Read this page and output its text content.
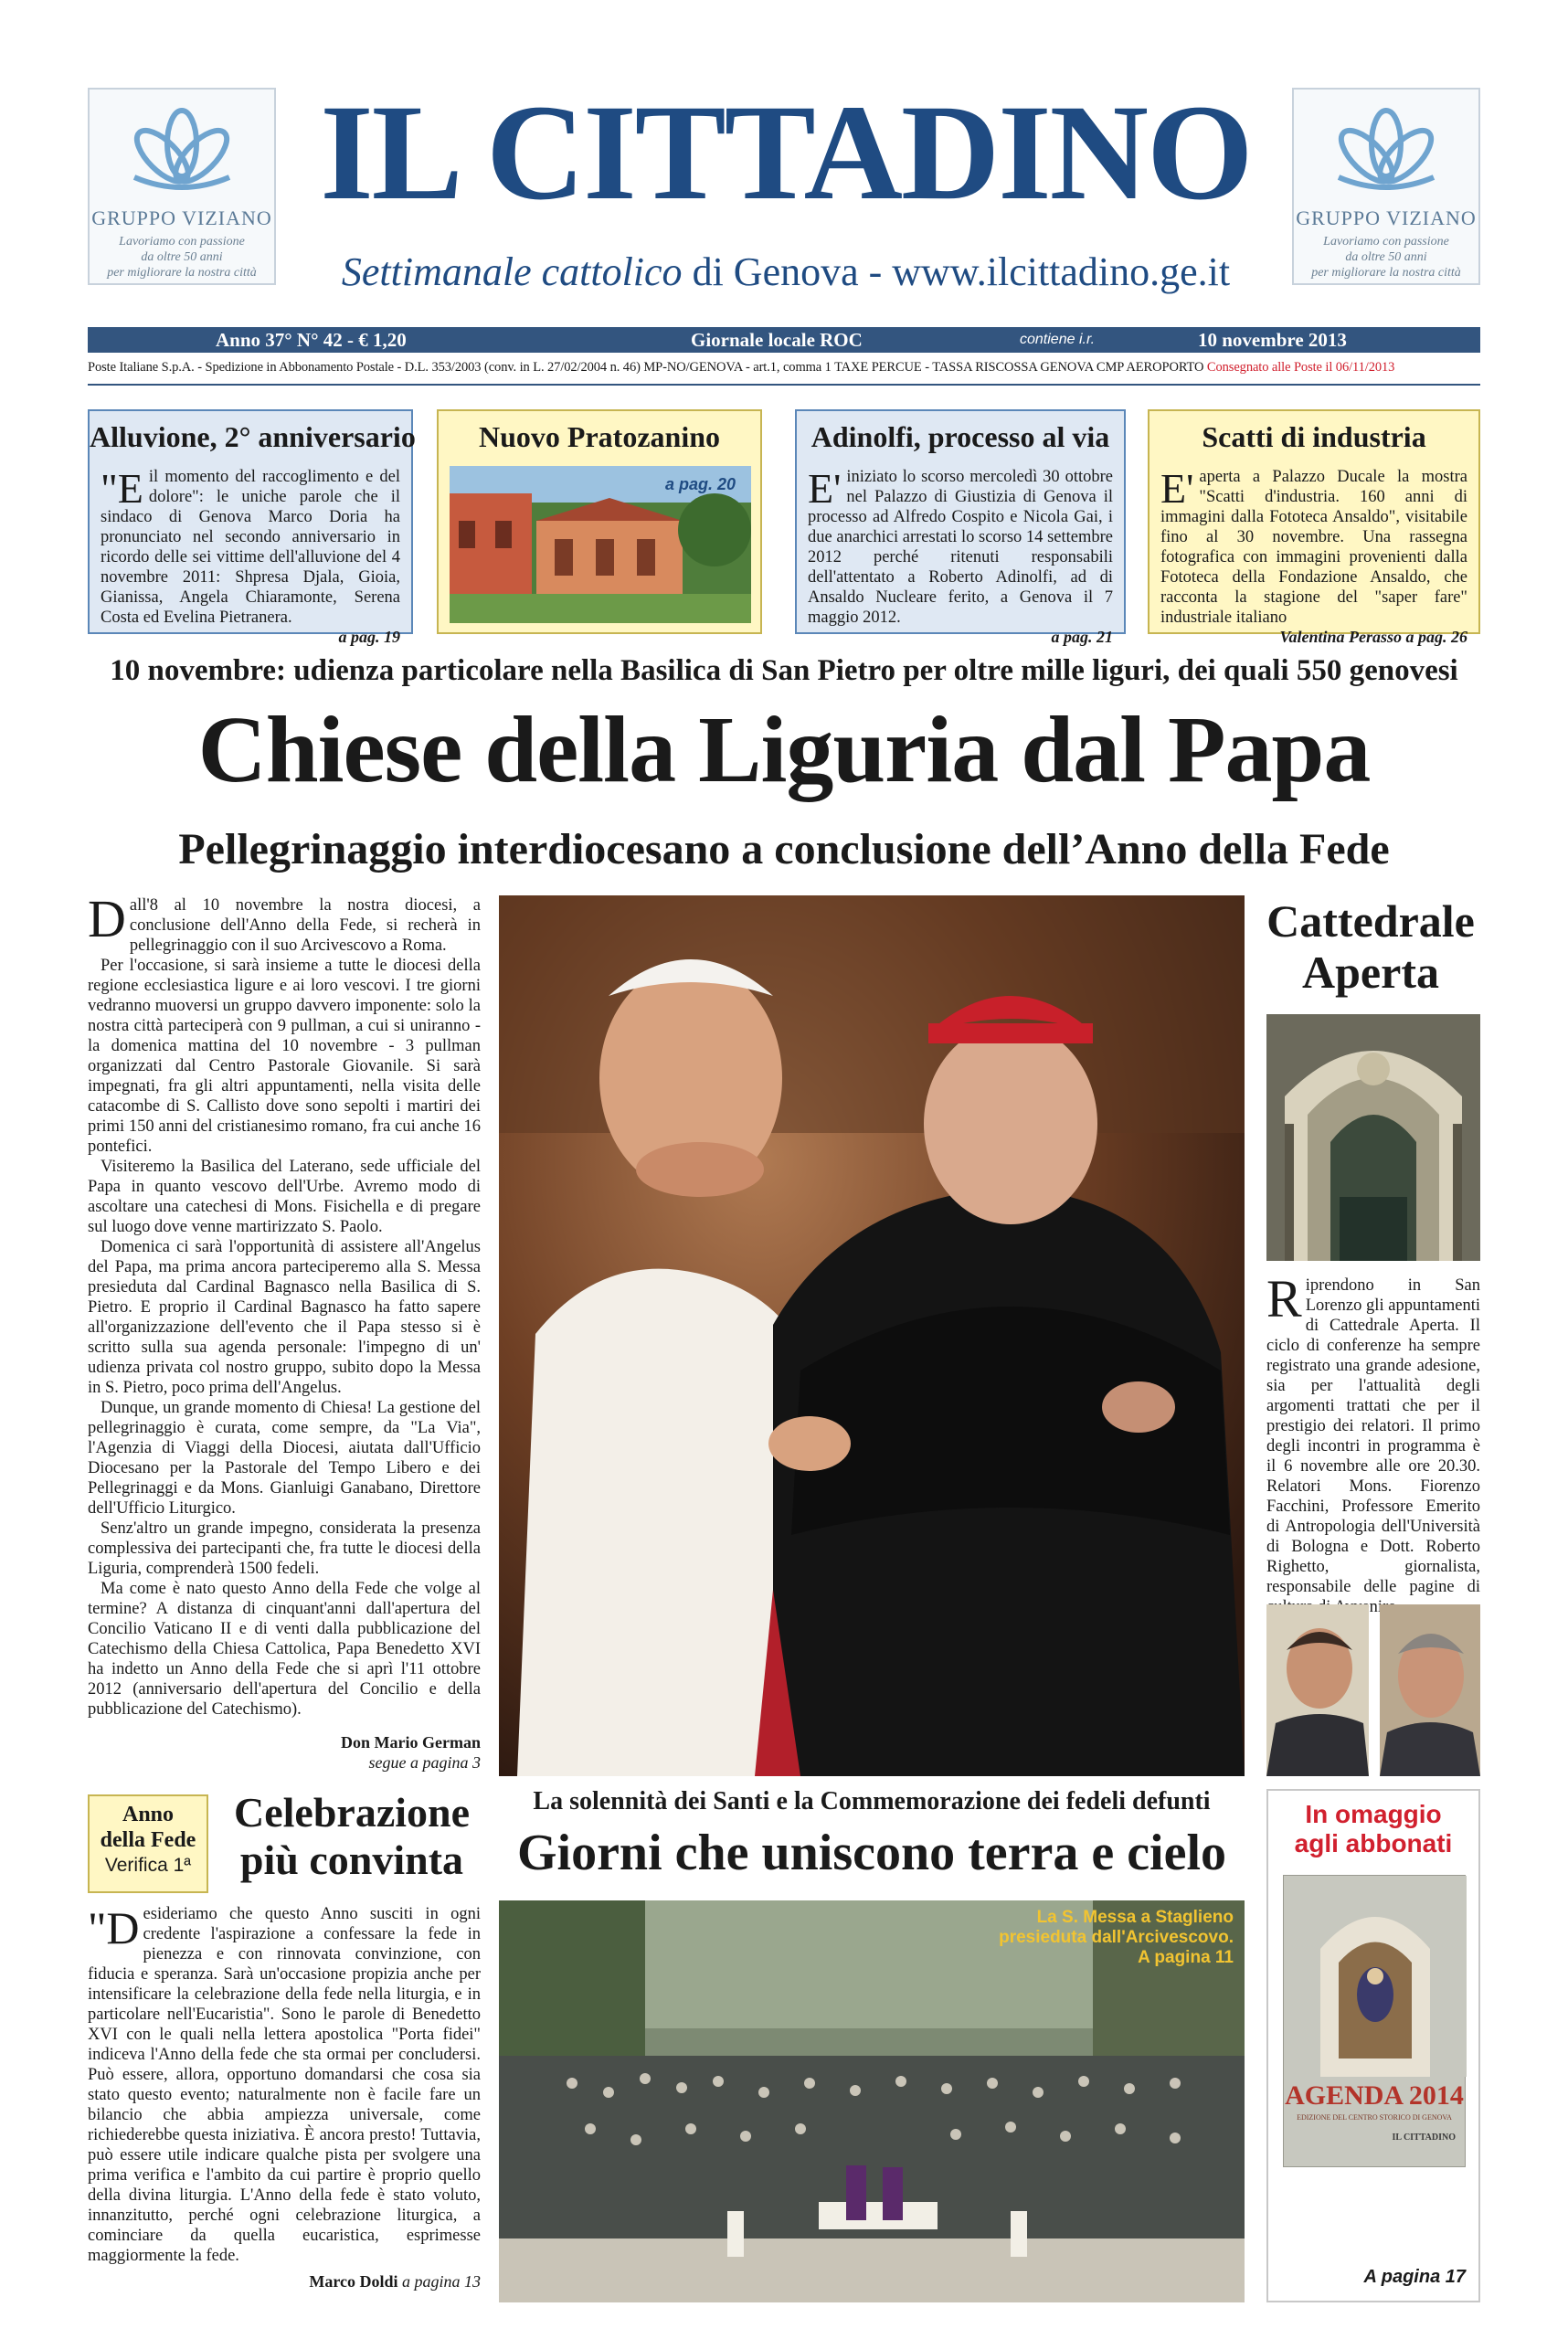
GRUPPO VIZIANO
Lavoriamo con passione
da oltre 50 anni
per migliorare la nostra città
GRUPPO VIZIANO
Lavoriamo con passione
da oltre 50 anni
per migliorare la nostra città
IL CITTADINO
Settimanale cattolico di Genova - www.ilcittadino.ge.it
Anno 37° N° 42 - € 1,20	Giornale locale ROC	contiene i.r.	10 novembre 2013
Poste Italiane S.p.A. - Spedizione in Abbonamento Postale - D.L. 353/2003 (conv. in L. 27/02/2004 n. 46) MP-NO/GENOVA - art.1, comma 1 TAXE PERCUE - TASSA RISCOSSA GENOVA CMP AEROPORTO Consegnato alle Poste il 06/11/2013
Alluvione, 2° anniversario
"E il momento del raccoglimento e del dolore": le uniche parole che il sindaco di Genova Marco Doria ha pronunciato nel secondo anniversario in ricordo delle sei vittime dell'alluvione del 4 novembre 2011: Shpresa Djala, Gioia, Gianissa, Angela Chiaramonte, Serena Costa ed Evelina Pietranera.
a pag. 19
Nuovo Pratozanino
a pag. 20
Adinolfi, processo al via
E' iniziato lo scorso mercoledì 30 ottobre nel Palazzo di Giustizia di Genova il processo ad Alfredo Cospito e Nicola Gai, i due anarchici arrestati lo scorso 14 settembre 2012 perché ritenuti responsabili dell'attentato a Roberto Adinolfi, ad di Ansaldo Nucleare ferito, a Genova il 7 maggio 2012.
a pag. 21
Scatti di industria
E' aperta a Palazzo Ducale la mostra "Scatti d'industria. 160 anni di immagini dalla Fototeca Ansaldo", visitabile fino al 30 novembre. Una rassegna fotografica con immagini provenienti dalla Fototeca della Fondazione Ansaldo, che racconta la stagione del "saper fare" industriale italiano
Valentina Perasso a pag. 26
10 novembre: udienza particolare nella Basilica di San Pietro per oltre mille liguri, dei quali 550 genovesi
Chiese della Liguria dal Papa
Pellegrinaggio interdiocesano a conclusione dell’Anno della Fede

Dall'8 al 10 novembre la nostra diocesi, a conclusione dell'Anno della Fede, si recherà in pellegrinaggio con il suo Arcivescovo a Roma.

Per l'occasione, si sarà insieme a tutte le diocesi della regione ecclesiastica ligure e ai loro vescovi. I tre giorni vedranno muoversi un gruppo davvero imponente: solo la nostra città parteciperà con 9 pullman, a cui si uniranno - la domenica mattina del 10 novembre - 3 pullman organizzati dal Centro Pastorale Giovanile. Si sarà impegnati, fra gli altri appuntamenti, nella visita delle catacombe di S. Callisto dove sono sepolti i martiri dei primi 150 anni del cristianesimo romano, fra cui anche 16 pontefici.

Visiteremo la Basilica del Laterano, sede ufficiale del Papa in quanto vescovo dell'Urbe. Avremo modo di ascoltare una catechesi di Mons. Fisichella e di pregare sul luogo dove venne martirizzato S. Paolo.

Domenica ci sarà l'opportunità di assistere all'Angelus del Papa, ma prima ancora parteciperemo alla S. Messa presieduta dal Cardinal Bagnasco nella Basilica di S. Pietro. E proprio il Cardinal Bagnasco ha fatto sapere all'organizzazione dell'evento che il Papa stesso si è scritto sulla sua agenda personale: l'impegno di un' udienza privata col nostro gruppo, subito dopo la Messa in S. Pietro, poco prima dell'Angelus.

Dunque, un grande momento di Chiesa! La gestione del pellegrinaggio è curata, come sempre, da "La Via", l'Agenzia di Viaggi della Diocesi, aiutata dall'Ufficio Diocesano per la Pastorale del Tempo Libero e dei Pellegrinaggi e da Mons. Gianluigi Ganabano, Direttore dell'Ufficio Liturgico.

Senz'altro un grande impegno, considerata la presenza complessiva dei partecipanti che, fra tutte le diocesi della Liguria, comprenderà 1500 fedeli.

Ma come è nato questo Anno della Fede che volge al termine? A distanza di cinquant'anni dall'apertura del Concilio Vaticano II e di venti dalla pubblicazione del Catechismo della Chiesa Cattolica, Papa Benedetto XVI ha indetto un Anno della Fede che si aprì l'11 ottobre 2012 (anniversario dell'apertura del Concilio e della pubblicazione del Catechismo).

Don Mario German
segue a pagina 3
Cattedrale
Aperta

Riprendono in San Lorenzo gli appuntamenti di Cattedrale Aperta. Il ciclo di conferenze ha sempre registrato una grande adesione, sia per l'attualità degli argomenti trattati che per il prestigio dei relatori. Il primo degli incontri in programma è il 6 novembre alle ore 20.30. Relatori Mons. Fiorenzo Facchini, Professore Emerito di Antropologia dell'Università di Bologna e Dott. Roberto Righetto, giornalista, responsabile delle pagine di

Anno
della Fede
Verifica 1ª
Celebrazione
più convinta

"Desideriamo che questo Anno susciti in ogni credente l'aspirazione a confessare la fede in pienezza e con rinnovata convinzione, con fiducia e speranza. Sarà un'occasione propizia anche per intensificare la celebrazione della fede nella liturgia, e in particolare nell'Eucaristia". Sono le parole di Benedetto XVI con le quali nella lettera apostolica "Porta fidei" indiceva l'Anno della fede che sta ormai per concludersi. Può essere, allora, opportuno domandarsi che cosa sia stato questo evento; naturalmente non è facile fare un bilancio che abbia ampiezza universale, come richiederebbe questa iniziativa. È ancora presto! Tuttavia, può essere utile indicare qualche pista per svolgere una prima verifica e l'ambito da cui partire è proprio quello della divina liturgia. L'Anno della fede è stato voluto, innanzitutto, perché ogni celebrazione liturgica, a cominciare da quella eucaristica, esprimesse maggiormente la fede.

Marco Doldi a pagina 13
La solennità dei Santi e la Commemorazione dei fedeli defunti
Giorni che uniscono terra e cielo
La S. Messa a Staglieno
presieduta dall'Arcivescovo.
A pagina 11
In omaggio
agli abbonati
AGENDA 2014
EDIZIONE DEL CENTRO STORICO DI GENOVA
IL CITTADINO
A pagina 17
